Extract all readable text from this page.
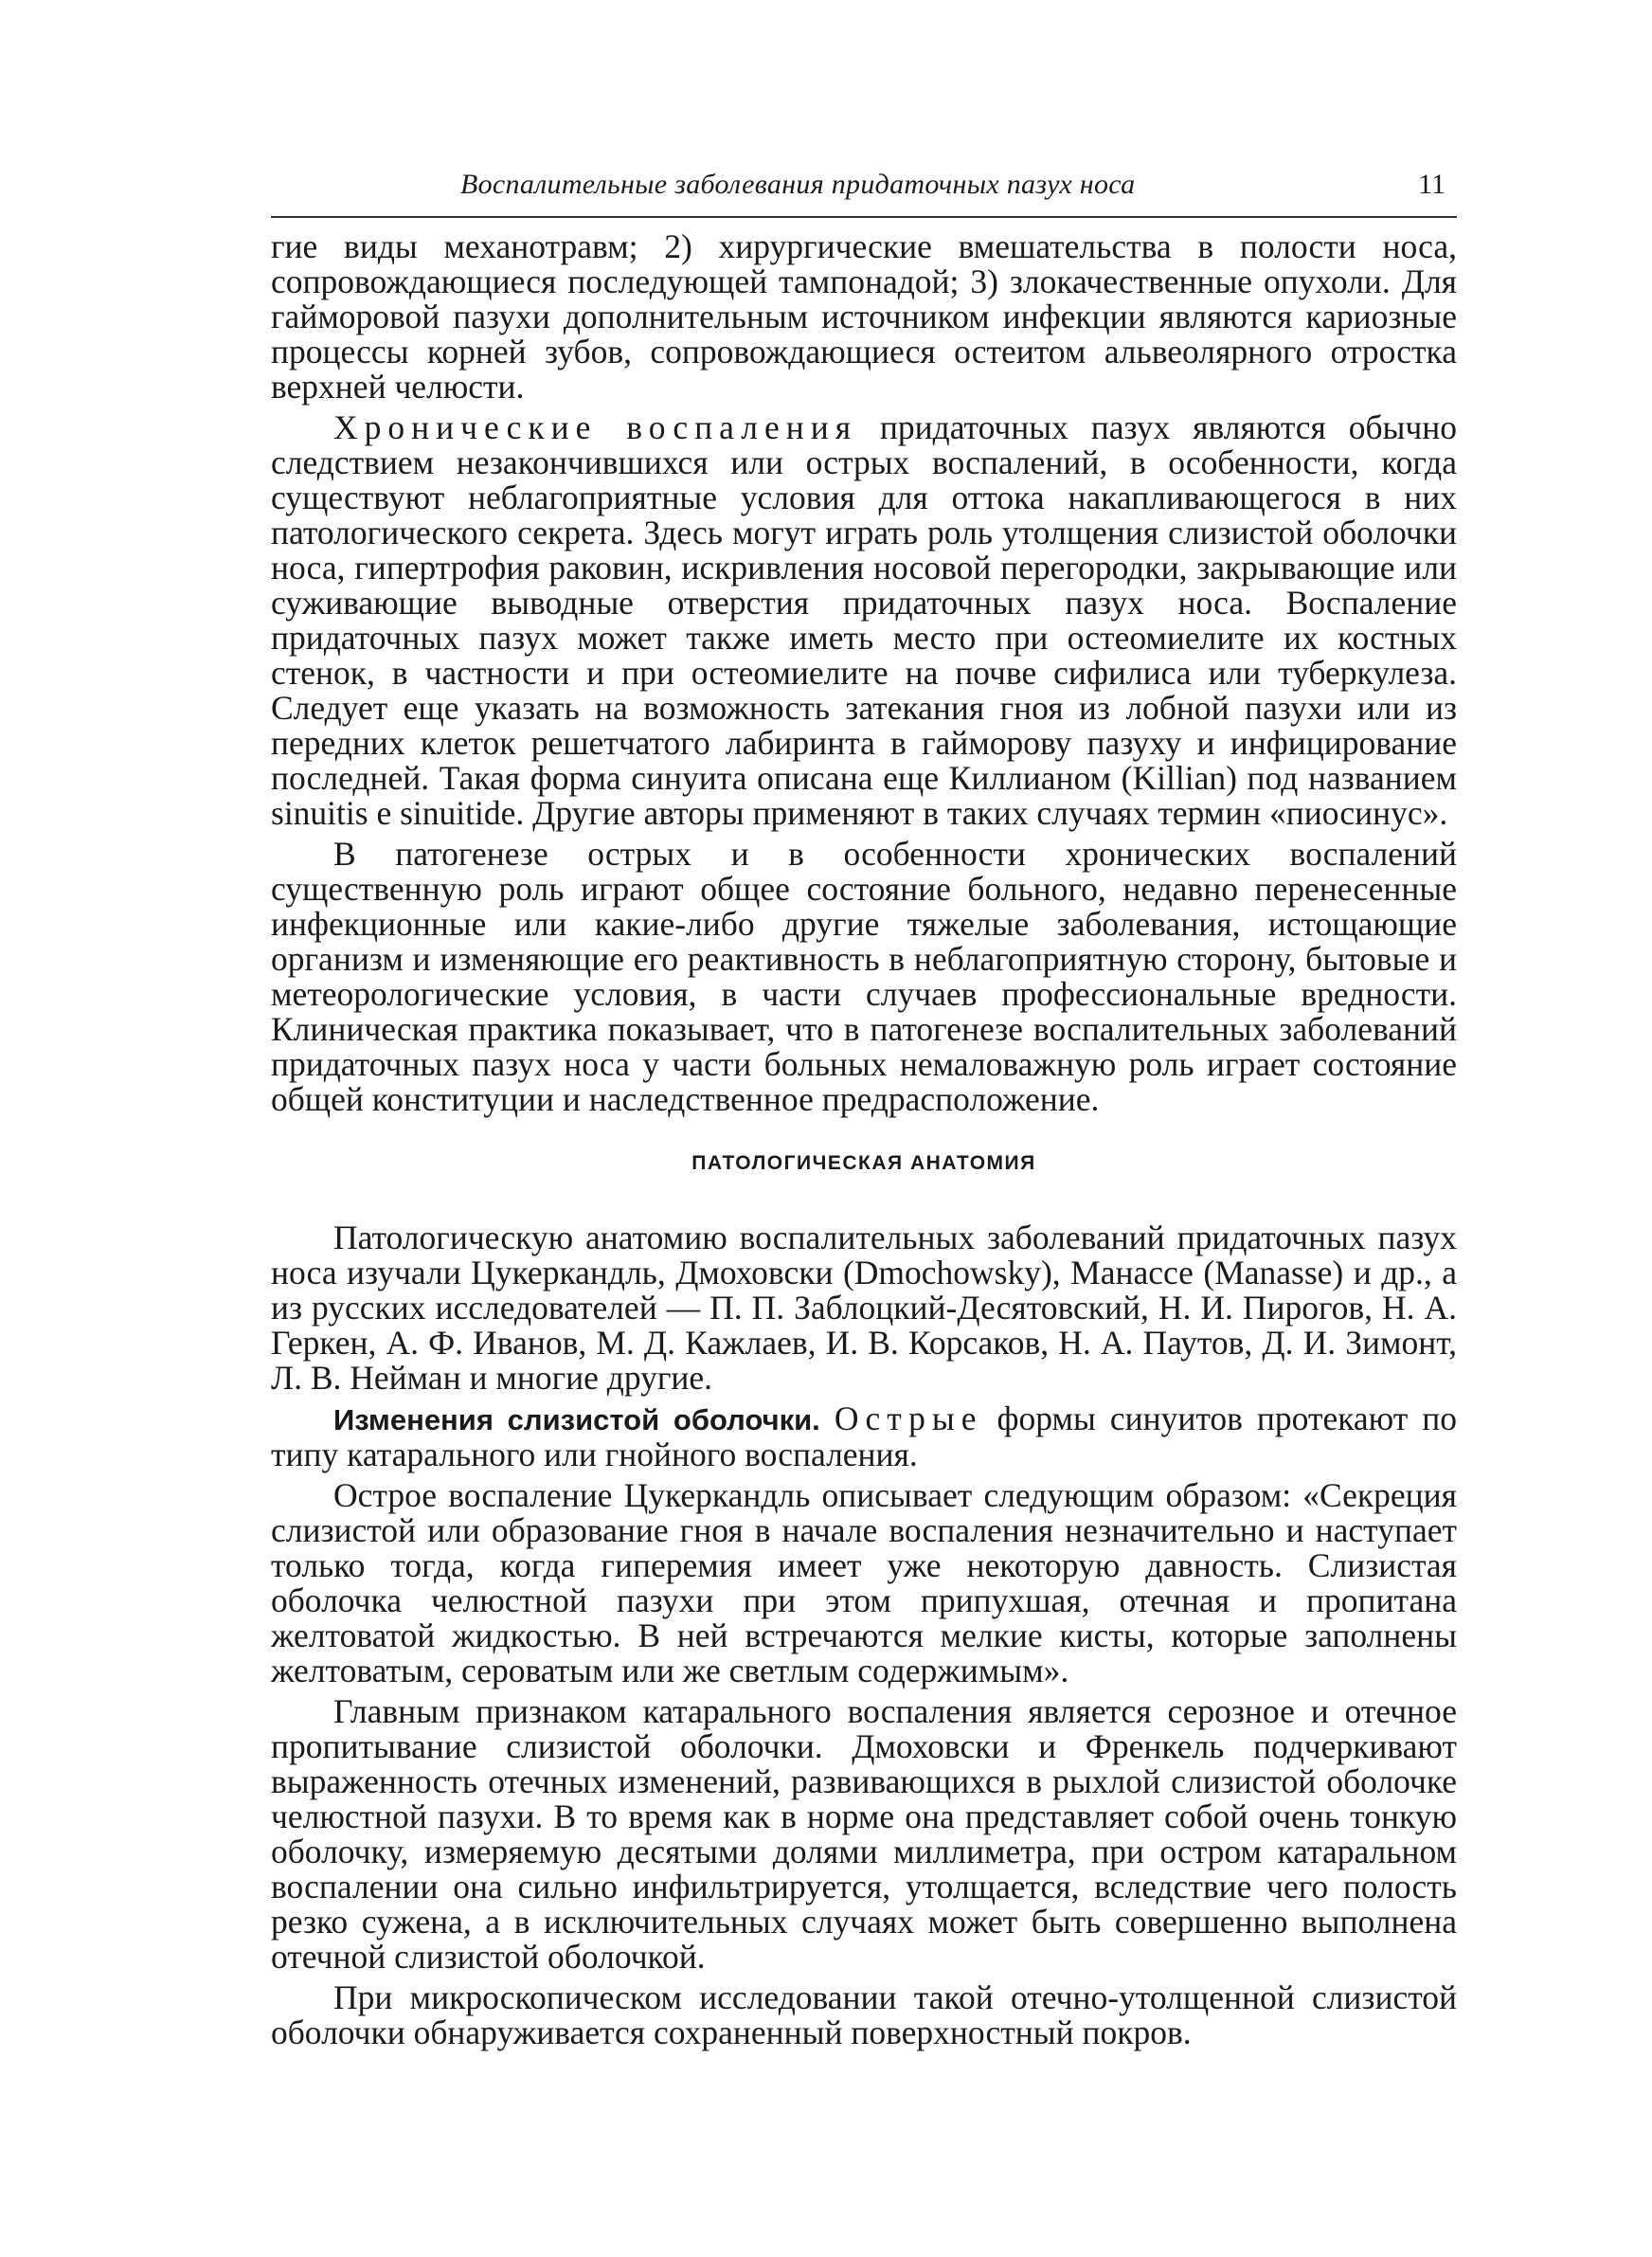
Воспалительные заболевания придаточных пазух носа	11

гие виды механотравм; 2) хирургические вмешательства в полости носа, сопровождающиеся последующей тампонадой; 3) злокачественные опухоли. Для гайморовой пазухи дополнительным источником инфекции являются кариозные процессы корней зубов, сопровождающиеся остеитом альвеолярного отростка верхней челюсти.

Хронические воспаления придаточных пазух являются обычно следствием незакончившихся или острых воспалений, в особенности, когда существуют неблагоприятные условия для оттока накапливающегося в них патологического секрета. Здесь могут играть роль утолщения слизистой оболочки носа, гипертрофия раковин, искривления носовой перегородки, закрывающие или суживающие выводные отверстия придаточных пазух носа. Воспаление придаточных пазух может также иметь место при остеомиелите их костных стенок, в частности и при остеомиелите на почве сифилиса или туберкулеза. Следует еще указать на возможность затекания гноя из лобной пазухи или из передних клеток решетчатого лабиринта в гайморову пазуху и инфицирование последней. Такая форма синуита описана еще Киллианом (Killian) под названием sinuitis e sinuitide. Другие авторы применяют в таких случаях термин «пиосинус».

В патогенезе острых и в особенности хронических воспалений существенную роль играют общее состояние больного, недавно перенесенные инфекционные или какие-либо другие тяжелые заболевания, истощающие организм и изменяющие его реактивность в неблагоприятную сторону, бытовые и метеорологические условия, в части случаев профессиональные вредности. Клиническая практика показывает, что в патогенезе воспалительных заболеваний придаточных пазух носа у части больных немаловажную роль играет состояние общей конституции и наследственное предрасположение.

ПАТОЛОГИЧЕСКАЯ АНАТОМИЯ

Патологическую анатомию воспалительных заболеваний придаточных пазух носа изучали Цукеркандль, Дмоховски (Dmochowsky), Манассе (Manasse) и др., а из русских исследователей — П. П. Заблоцкий-Десятовский, Н. И. Пирогов, Н. А. Геркен, А. Ф. Иванов, М. Д. Кажлаев, И. В. Корсаков, Н. А. Паутов, Д. И. Зимонт, Л. В. Нейман и многие другие.

Изменения слизистой оболочки. Острые формы синуитов протекают по типу катарального или гнойного воспаления.

Острое воспаление Цукеркандль описывает следующим образом: «Секреция слизистой или образование гноя в начале воспаления незначительно и наступает только тогда, когда гиперемия имеет уже некоторую давность. Слизистая оболочка челюстной пазухи при этом припухшая, отечная и пропитана желтоватой жидкостью. В ней встречаются мелкие кисты, которые заполнены желтоватым, сероватым или же светлым содержимым».

Главным признаком катарального воспаления является серозное и отечное пропитывание слизистой оболочки. Дмоховски и Френкель подчеркивают выраженность отечных изменений, развивающихся в рыхлой слизистой оболочке челюстной пазухи. В то время как в норме она представляет собой очень тонкую оболочку, измеряемую десятыми долями миллиметра, при остром катаральном воспалении она сильно инфильтрируется, утолщается, вследствие чего полость резко сужена, а в исключительных случаях может быть совершенно выполнена отечной слизистой оболочкой.

При микроскопическом исследовании такой отечно-утолщенной слизистой оболочки обнаруживается сохраненный поверхностный покров.
